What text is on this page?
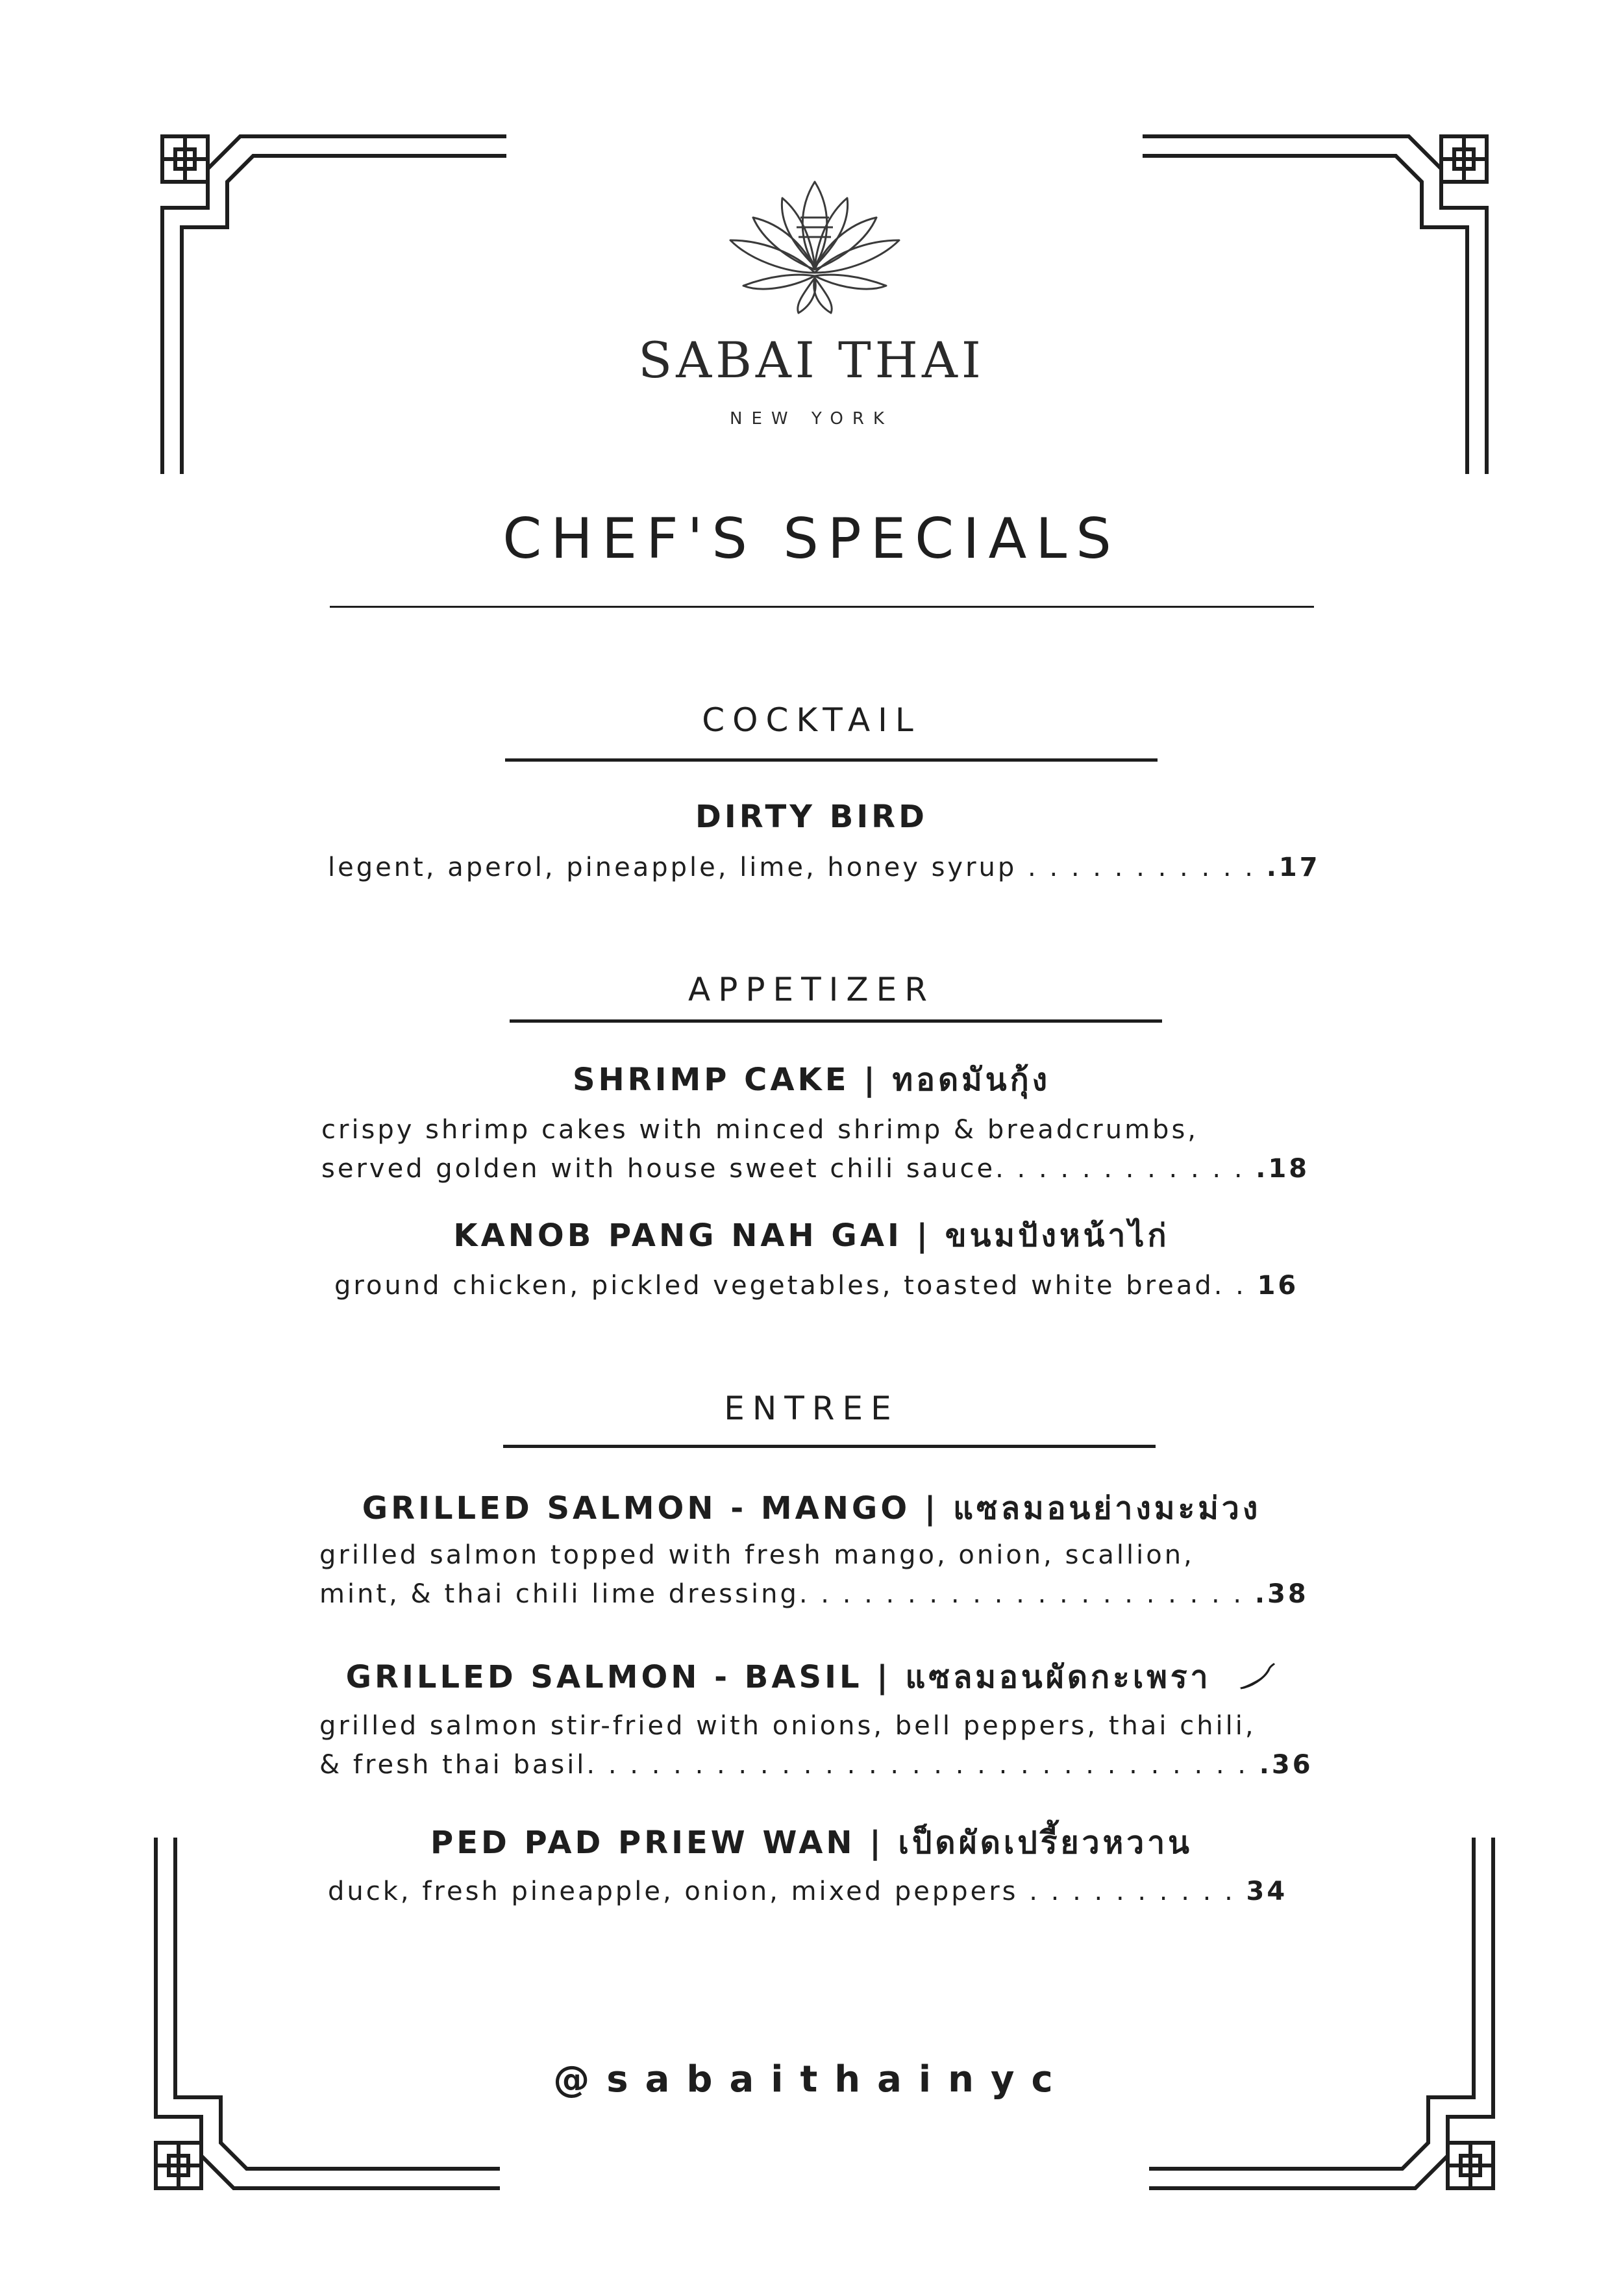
SABAI THAI
NEW YORK
CHEF'S SPECIALS
COCKTAIL
DIRTY BIRD
legent, aperol, pineapple, lime, honey syrup . . . . . . . . . . . .17
APPETIZER
SHRIMP CAKE | ทอดมันกุ้ง
crispy shrimp cakes with minced shrimp & breadcrumbs,
served golden with house sweet chili sauce. . . . . . . . . . . . .18
KANOB PANG NAH GAI | ขนมปังหน้าไก่
ground chicken, pickled vegetables, toasted white bread. . 16
ENTREE
GRILLED SALMON - MANGO | แซลมอนย่างมะม่วง
grilled salmon topped with fresh mango, onion, scallion,
mint, & thai chili lime dressing. . . . . . . . . . . . . . . . . . . . . .38
GRILLED SALMON - BASIL | แซลมอนผัดกะเพรา
grilled salmon stir-fried with onions, bell peppers, thai chili,
& fresh thai basil. . . . . . . . . . . . . . . . . . . . . . . . . . . . . . . .36
PED PAD PRIEW WAN | เป็ดผัดเปรี้ยวหวาน
duck, fresh pineapple, onion, mixed peppers . . . . . . . . . . 34
@sabaithainyc
